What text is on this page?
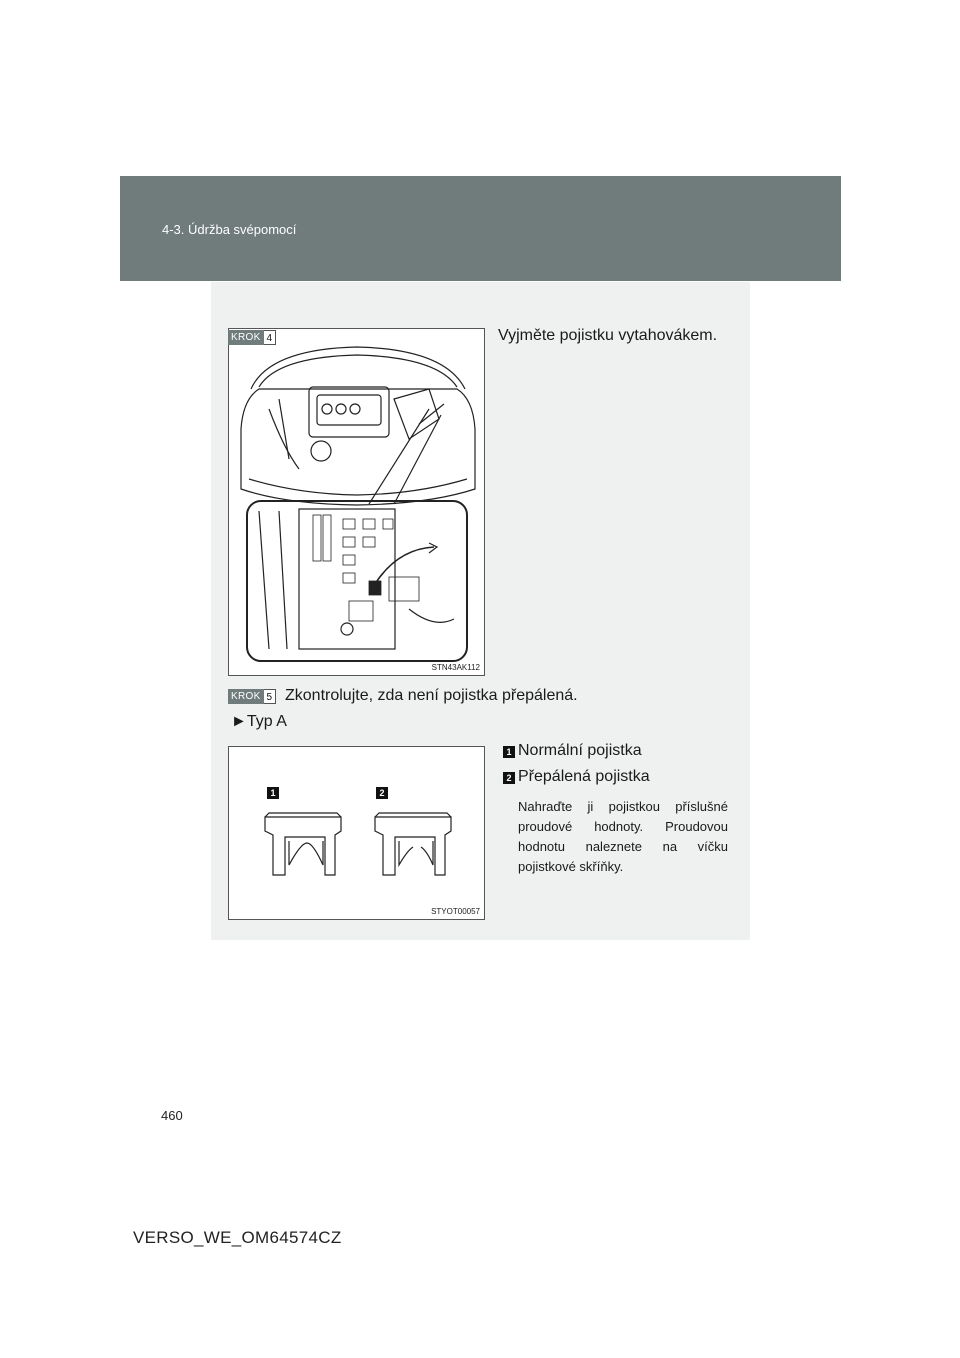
4-3. Údržba svépomocí
STN43AK112
KROK 4	Vyjměte pojistku vytahovákem.
KROK 5 Zkontrolujte, zda není pojistka přepálená.
►Typ A
1	2
STYOT00057
1 Normální pojistka
2 Přepálená pojistka
Nahraďte ji pojistkou příslušné proudové hodnoty. Proudovou hodnotu naleznete na víčku pojistkové skříňky.
460
VERSO_WE_OM64574CZ
